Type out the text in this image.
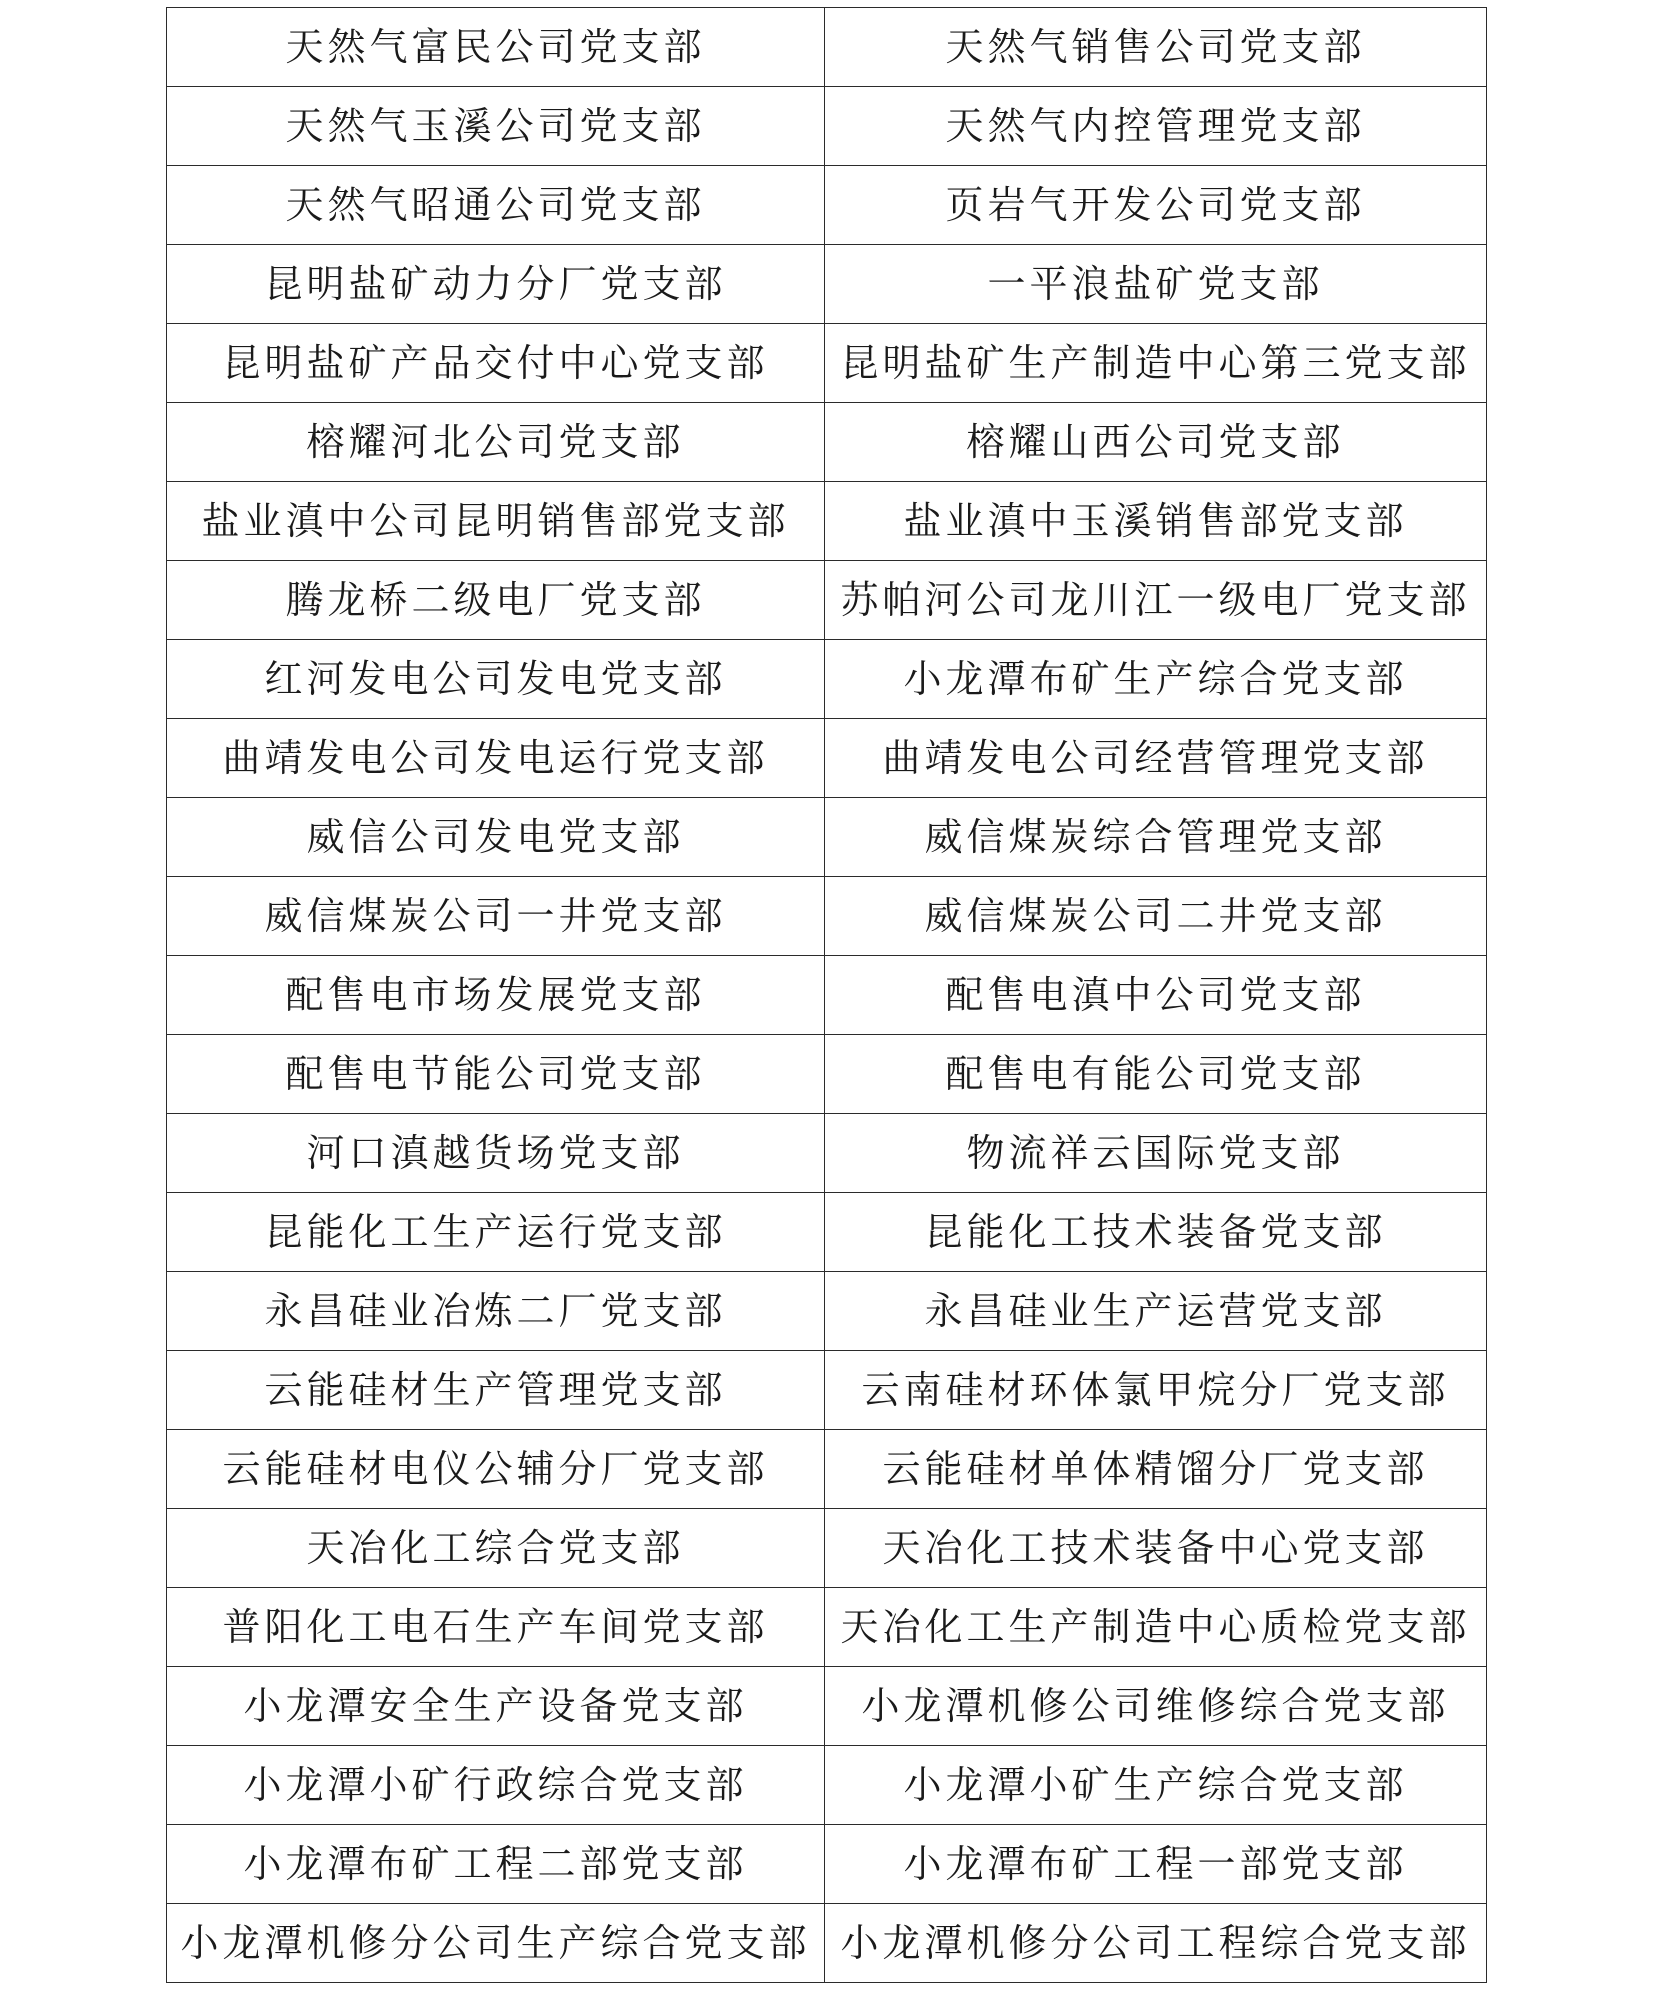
天然气富民公司党支部	天然气销售公司党支部
天然气玉溪公司党支部	天然气内控管理党支部
天然气昭通公司党支部	页岩气开发公司党支部
昆明盐矿动力分厂党支部	一平浪盐矿党支部
昆明盐矿产品交付中心党支部	昆明盐矿生产制造中心第三党支部
榕耀河北公司党支部	榕耀山西公司党支部
盐业滇中公司昆明销售部党支部	盐业滇中玉溪销售部党支部
腾龙桥二级电厂党支部	苏帕河公司龙川江一级电厂党支部
红河发电公司发电党支部	小龙潭布矿生产综合党支部
曲靖发电公司发电运行党支部	曲靖发电公司经营管理党支部
威信公司发电党支部	威信煤炭综合管理党支部
威信煤炭公司一井党支部	威信煤炭公司二井党支部
配售电市场发展党支部	配售电滇中公司党支部
配售电节能公司党支部	配售电有能公司党支部
河口滇越货场党支部	物流祥云国际党支部
昆能化工生产运行党支部	昆能化工技术装备党支部
永昌硅业冶炼二厂党支部	永昌硅业生产运营党支部
云能硅材生产管理党支部	云南硅材环体氯甲烷分厂党支部
云能硅材电仪公辅分厂党支部	云能硅材单体精馏分厂党支部
天冶化工综合党支部	天冶化工技术装备中心党支部
普阳化工电石生产车间党支部	天冶化工生产制造中心质检党支部
小龙潭安全生产设备党支部	小龙潭机修公司维修综合党支部
小龙潭小矿行政综合党支部	小龙潭小矿生产综合党支部
小龙潭布矿工程二部党支部	小龙潭布矿工程一部党支部
小龙潭机修分公司生产综合党支部	小龙潭机修分公司工程综合党支部
